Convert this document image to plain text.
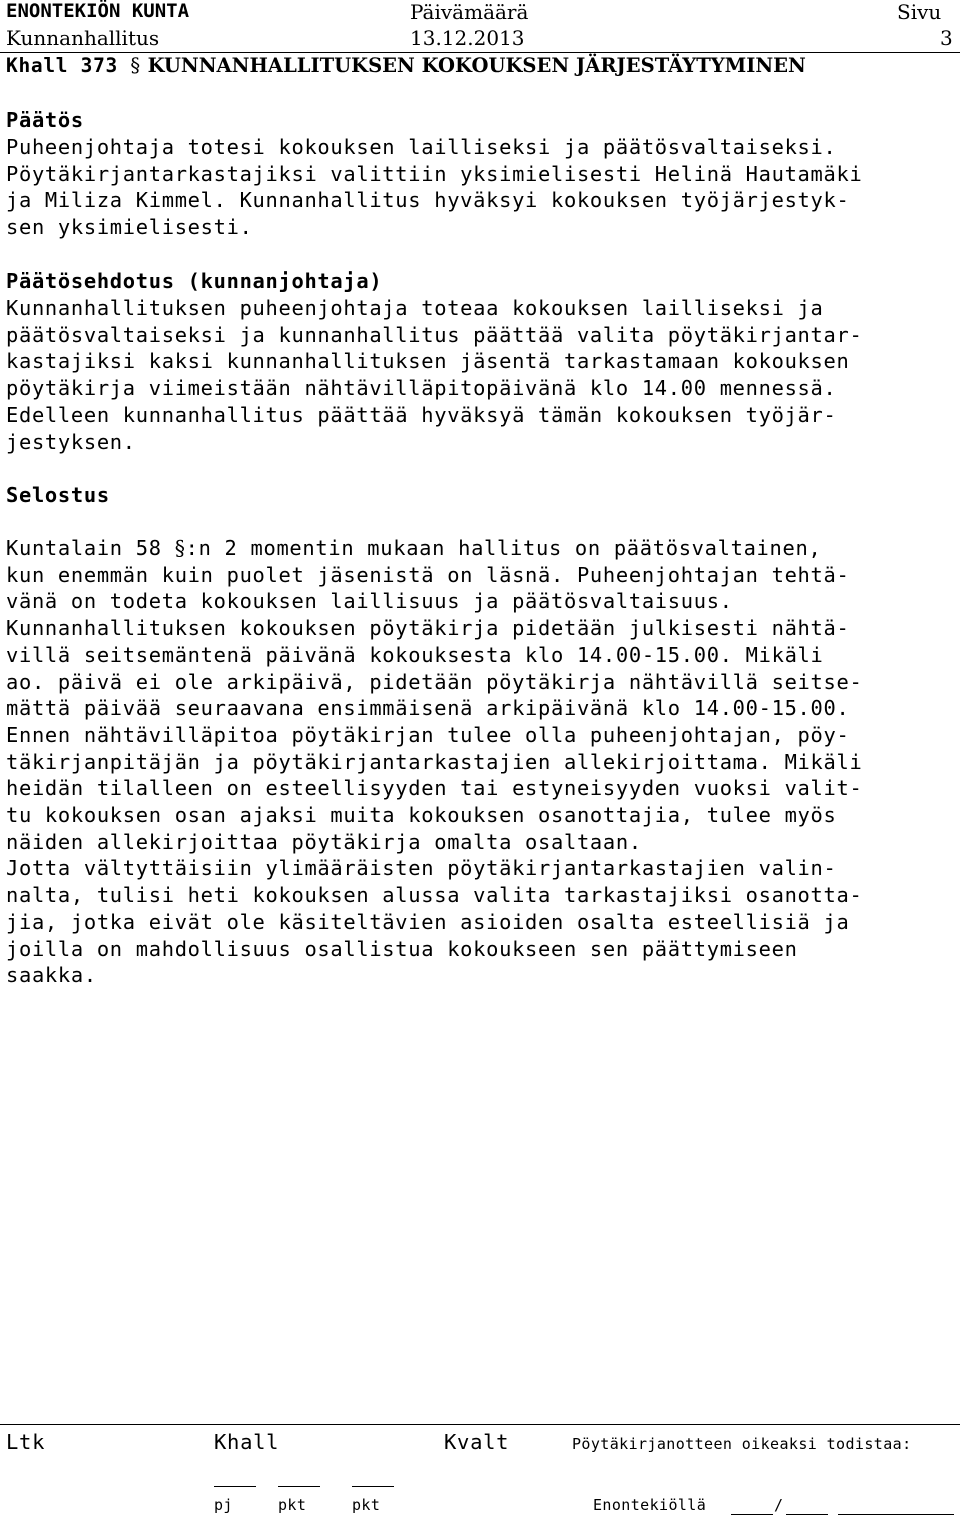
ENONTEKIÖN KUNTA	Päivämäärä	Sivu
Kunnanhallitus	13.12.2013	3
Khall 373 § KUNNANHALLITUKSEN KOKOUKSEN JÄRJESTÄYTYMINEN
Päätös
Puheenjohtaja totesi kokouksen lailliseksi ja päätösvaltaiseksi.
Pöytäkirjantarkastajiksi valittiin yksimielisesti Helinä Hautamäki
ja Miliza Kimmel. Kunnanhallitus hyväksyi kokouksen työjärjestyk-
sen yksimielisesti.
Päätösehdotus (kunnanjohtaja)
Kunnanhallituksen puheenjohtaja toteaa kokouksen lailliseksi ja
päätösvaltaiseksi ja kunnanhallitus päättää valita pöytäkirjantar-
kastajiksi kaksi kunnanhallituksen jäsentä tarkastamaan kokouksen
pöytäkirja viimeistään nähtävilläpitopäivänä klo 14.00 mennessä.
Edelleen kunnanhallitus päättää hyväksyä tämän kokouksen työjär-
jestyksen.
Selostus
Kuntalain 58 §:n 2 momentin mukaan hallitus on päätösvaltainen,
kun enemmän kuin puolet jäsenistä on läsnä. Puheenjohtajan tehtä-
vänä on todeta kokouksen laillisuus ja päätösvaltaisuus.
Kunnanhallituksen kokouksen pöytäkirja pidetään julkisesti nähtä-
villä seitsemäntenä päivänä kokouksesta klo 14.00-15.00. Mikäli
ao. päivä ei ole arkipäivä, pidetään pöytäkirja nähtävillä seitse-
mättä päivää seuraavana ensimmäisenä arkipäivänä klo 14.00-15.00.
Ennen nähtävilläpitoa pöytäkirjan tulee olla puheenjohtajan, pöy-
täkirjanpitäjän ja pöytäkirjantarkastajien allekirjoittama. Mikäli
heidän tilalleen on esteellisyyden tai estyneisyyden vuoksi valit-
tu kokouksen osan ajaksi muita kokouksen osanottajia, tulee myös
näiden allekirjoittaa pöytäkirja omalta osaltaan.
Jotta vältyttäisiin ylimääräisten pöytäkirjantarkastajien valin-
nalta, tulisi heti kokouksen alussa valita tarkastajiksi osanotta-
jia, jotka eivät ole käsiteltävien asioiden osalta esteellisiä ja
joilla on mahdollisuus osallistua kokoukseen sen päättymiseen
saakka.
Ltk	Khall	Kvalt	Pöytäkirjanotteen oikeaksi todistaa:
pj	pkt	pkt	Enontekiöllä	/
